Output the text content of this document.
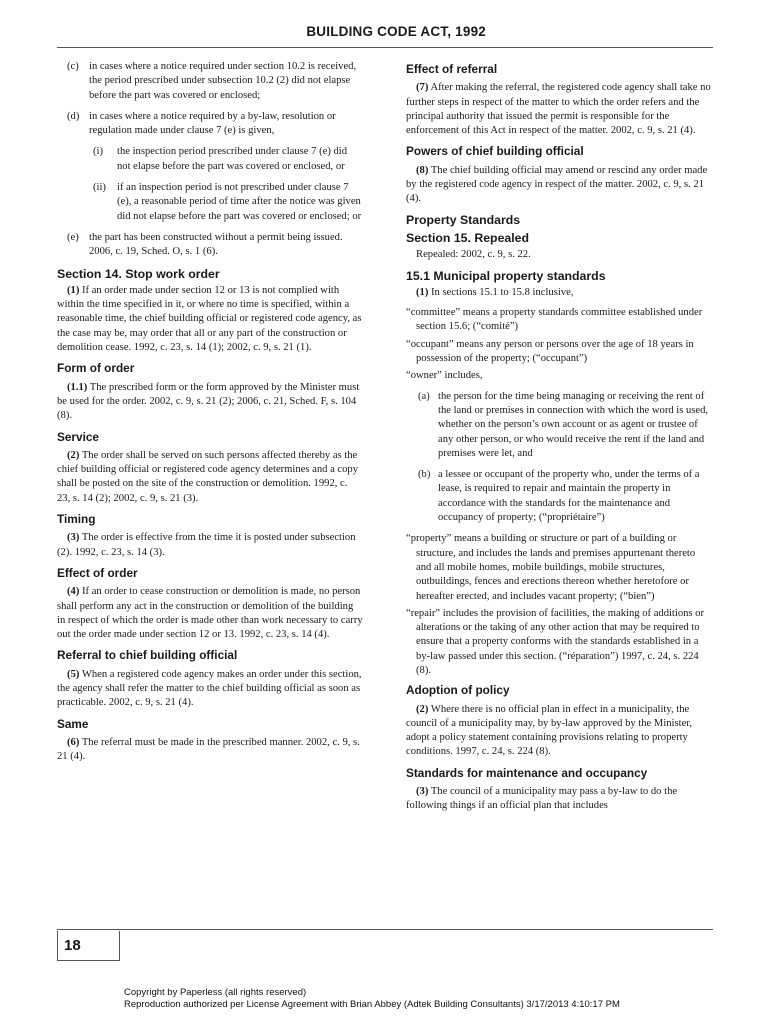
BUILDING CODE ACT, 1992
(c) in cases where a notice required under section 10.2 is received, the period prescribed under subsection 10.2 (2) did not elapse before the part was covered or enclosed;

(d) in cases where a notice required by a by-law, resolution or regulation made under clause 7 (e) is given,

(i) the inspection period prescribed under clause 7 (e) did not elapse before the part was covered or enclosed, or

(ii) if an inspection period is not prescribed under clause 7 (e), a reasonable period of time after the notice was given did not elapse before the part was covered or enclosed; or

(e) the part has been constructed without a permit being issued. 2006, c. 19, Sched. O, s. 1 (6).

Section 14. Stop work order

(1) If an order made under section 12 or 13 is not complied with within the time specified in it, or where no time is specified, within a reasonable time, the chief building official or registered code agency, as the case may be, may order that all or any part of the construction or demolition cease. 1992, c. 23, s. 14 (1); 2002, c. 9, s. 21 (1).

Form of order

(1.1) The prescribed form or the form approved by the Minister must be used for the order. 2002, c. 9, s. 21 (2); 2006, c. 21, Sched. F, s. 104 (8).

Service

(2) The order shall be served on such persons affected thereby as the chief building official or registered code agency determines and a copy shall be posted on the site of the construction or demolition. 1992, c. 23, s. 14 (2); 2002, c. 9, s. 21 (3).

Timing

(3) The order is effective from the time it is posted under subsection (2). 1992, c. 23, s. 14 (3).

Effect of order

(4) If an order to cease construction or demolition is made, no person shall perform any act in the construction or demolition of the building in respect of which the order is made other than work necessary to carry out the order made under section 12 or 13. 1992, c. 23, s. 14 (4).

Referral to chief building official

(5) When a registered code agency makes an order under this section, the agency shall refer the matter to the chief building official as soon as practicable. 2002, c. 9, s. 21 (4).

Same

(6) The referral must be made in the prescribed manner. 2002, c. 9, s. 21 (4).

Effect of referral

(7) After making the referral, the registered code agency shall take no further steps in respect of the matter to which the order refers and the principal authority that issued the permit is responsible for the enforcement of this Act in respect of the matter. 2002, c. 9, s. 21 (4).

Powers of chief building official

(8) The chief building official may amend or rescind any order made by the registered code agency in respect of the matter. 2002, c. 9, s. 21 (4).

Property Standards
Section 15. Repealed

Repealed: 2002, c. 9, s. 22.

15.1 Municipal property standards

(1) In sections 15.1 to 15.8 inclusive,

“committee” means a property standards committee established under section 15.6; (“comité”)

“occupant” means any person or persons over the age of 18 years in possession of the property; (“occupant”)

“owner” includes,

(a) the person for the time being managing or receiving the rent of the land or premises in connection with which the word is used, whether on the person’s own account or as agent or trustee of any other person, or who would receive the rent if the land and premises were let, and

(b) a lessee or occupant of the property who, under the terms of a lease, is required to repair and maintain the property in accordance with the standards for the maintenance and occupancy of property; (“propriétaire”)

“property” means a building or structure or part of a building or structure, and includes the lands and premises appurtenant thereto and all mobile homes, mobile buildings, mobile structures, outbuildings, fences and erections thereon whether heretofore or hereafter erected, and includes vacant property; (“bien”)

“repair” includes the provision of facilities, the making of additions or alterations or the taking of any other action that may be required to ensure that a property conforms with the standards established in a by-law passed under this section. (“réparation”) 1997, c. 24, s. 224 (8).

Adoption of policy

(2) Where there is no official plan in effect in a municipality, the council of a municipality may, by by-law approved by the Minister, adopt a policy statement containing provisions relating to property conditions. 1997, c. 24, s. 224 (8).

Standards for maintenance and occupancy

(3) The council of a municipality may pass a by-law to do the following things if an official plan that includes

18
Copyright by Paperless (all rights reserved)
Reproduction authorized per License Agreement with Brian Abbey (Adtek Building Consultants) 3/17/2013 4:10:17 PM
